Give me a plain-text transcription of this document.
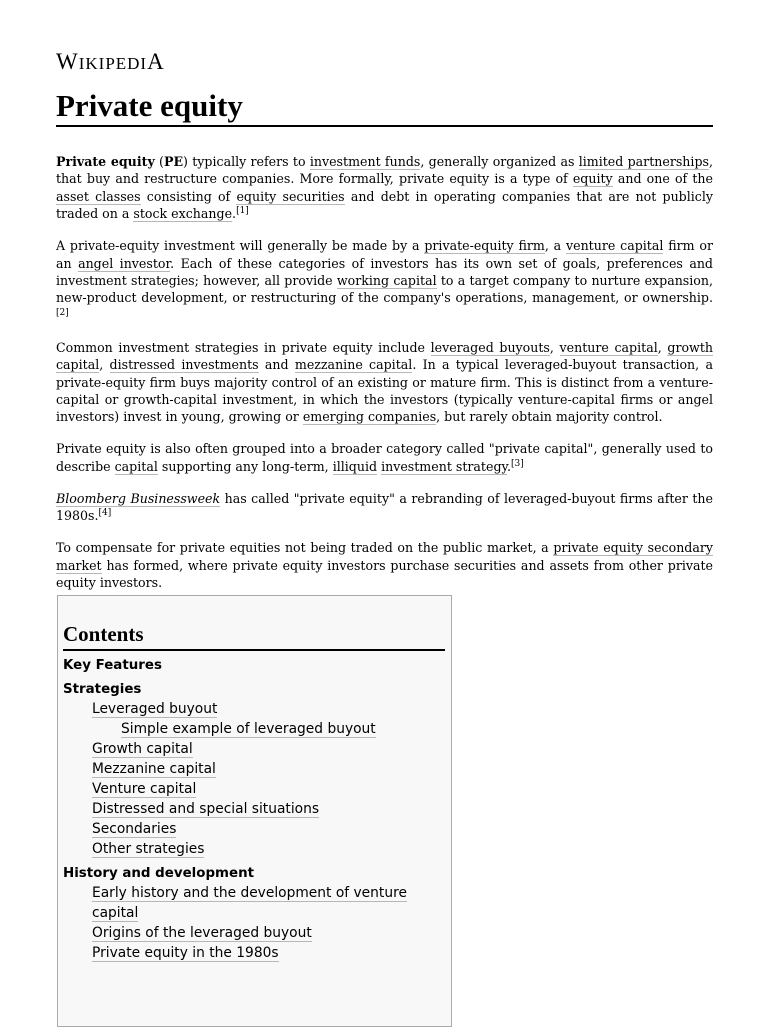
WIKIPEDIA
Private equity

Private equity (PE) typically refers to investment funds, generally organized as limited partnerships, that buy and restructure companies. More formally, private equity is a type of equity and one of the asset classes consisting of equity securities and debt in operating companies that are not publicly traded on a stock exchange.[1]

A private-equity investment will generally be made by a private-equity firm, a venture capital firm or an angel investor. Each of these categories of investors has its own set of goals, preferences and investment strategies; however, all provide working capital to a target company to nurture expansion, new-product development, or restructuring of the company's operations, management, or ownership.[2]

Common investment strategies in private equity include leveraged buyouts, venture capital, growth capital, distressed investments and mezzanine capital. In a typical leveraged-buyout transaction, a private-equity firm buys majority control of an existing or mature firm. This is distinct from a venture-capital or growth-capital investment, in which the investors (typically venture-capital firms or angel investors) invest in young, growing or emerging companies, but rarely obtain majority control.

Private equity is also often grouped into a broader category called "private capital", generally used to describe capital supporting any long-term, illiquid investment strategy.[3]

Bloomberg Businessweek has called "private equity" a rebranding of leveraged-buyout firms after the 1980s.[4]

To compensate for private equities not being traded on the public market, a private equity secondary market has formed, where private equity investors purchase securities and assets from other private equity investors.

Contents
Key Features
Strategies
Leveraged buyout
Simple example of leveraged buyout
Growth capital
Mezzanine capital
Venture capital
Distressed and special situations
Secondaries
Other strategies
History and development
Early history and the development of venture capital
Origins of the leveraged buyout
Private equity in the 1980s
